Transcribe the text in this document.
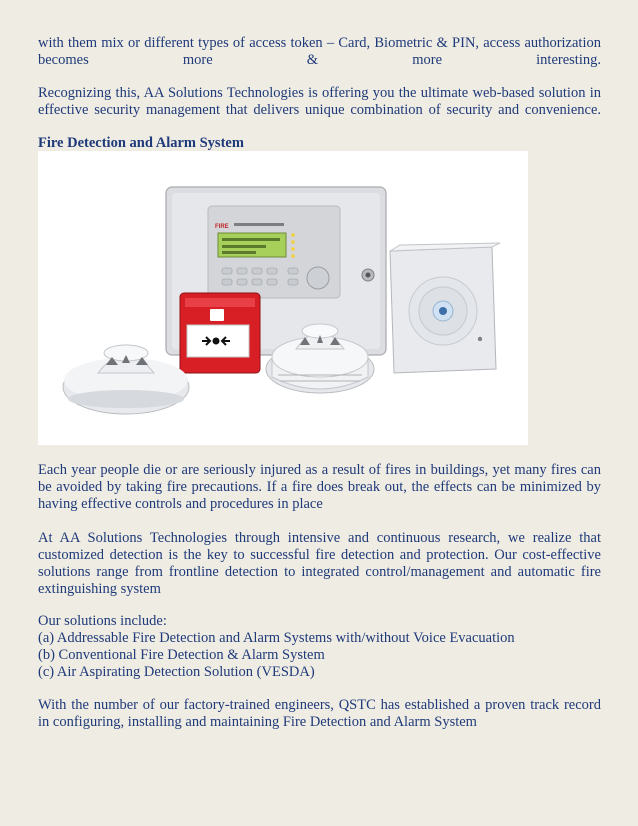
with them mix or different types of access token – Card, Biometric & PIN, access authorization
becomes more & more interesting.

Recognizing this, AA Solutions Technologies is offering you the ultimate web-based solution in
effective security management that delivers unique combination of security and convenience.

Fire Detection and Alarm System

FIRE

Each year people die or are seriously injured as a result of fires in buildings, yet many fires can
be avoided by taking fire precautions. If a fire does break out, the effects can be minimized by
having effective controls and procedures in place

At AA Solutions Technologies through intensive and continuous research, we realize that
customized detection is the key to successful fire detection and protection. Our cost-effective
solutions range from frontline detection to integrated control/management and automatic fire
extinguishing system

Our solutions include:
(a) Addressable Fire Detection and Alarm Systems with/without Voice Evacuation
(b) Conventional Fire Detection & Alarm System
(c) Air Aspirating Detection Solution (VESDA)

With the number of our factory-trained engineers, QSTC has established a proven track record
in configuring, installing and maintaining Fire Detection and Alarm System
